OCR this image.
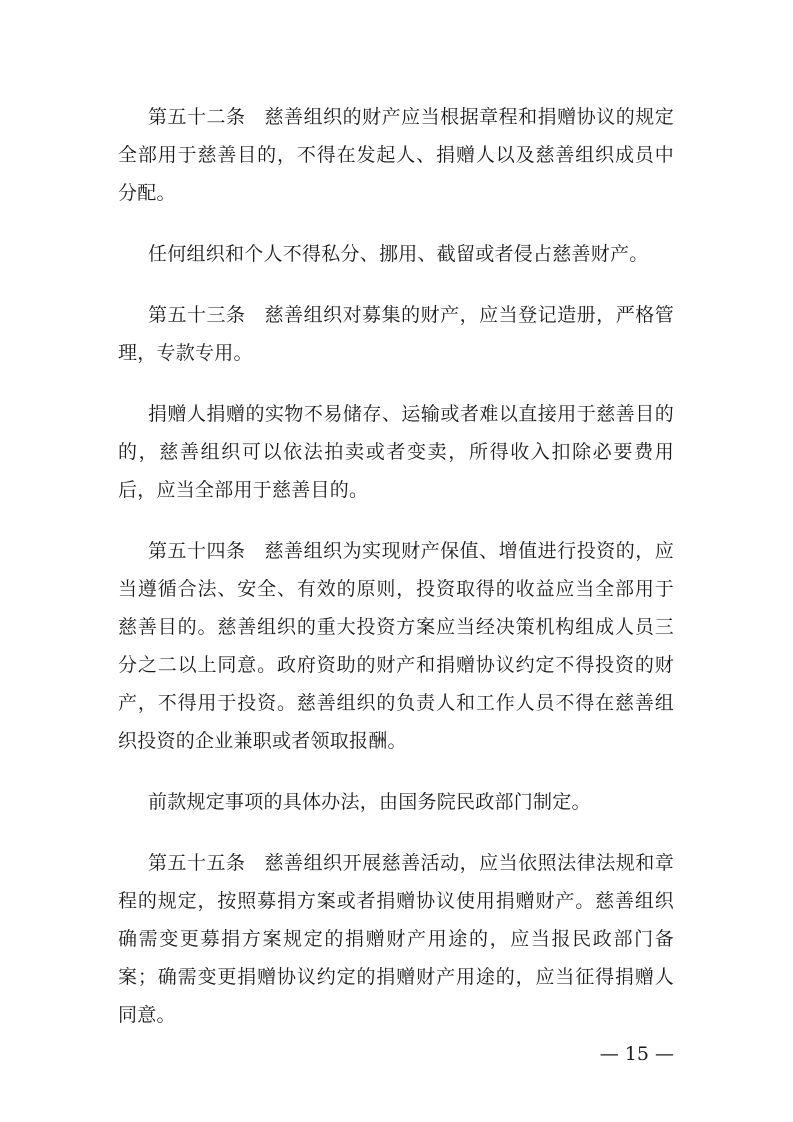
第五十二条 慈善组织的财产应当根据章程和捐赠协议的规定全部用于慈善目的，不得在发起人、捐赠人以及慈善组织成员中分配。

任何组织和个人不得私分、挪用、截留或者侵占慈善财产。

第五十三条 慈善组织对募集的财产，应当登记造册，严格管理，专款专用。

捐赠人捐赠的实物不易储存、运输或者难以直接用于慈善目的的，慈善组织可以依法拍卖或者变卖，所得收入扣除必要费用后，应当全部用于慈善目的。

第五十四条 慈善组织为实现财产保值、增值进行投资的，应当遵循合法、安全、有效的原则，投资取得的收益应当全部用于慈善目的。慈善组织的重大投资方案应当经决策机构组成人员三分之二以上同意。政府资助的财产和捐赠协议约定不得投资的财产，不得用于投资。慈善组织的负责人和工作人员不得在慈善组织投资的企业兼职或者领取报酬。

前款规定事项的具体办法，由国务院民政部门制定。

第五十五条 慈善组织开展慈善活动，应当依照法律法规和章程的规定，按照募捐方案或者捐赠协议使用捐赠财产。慈善组织确需变更募捐方案规定的捐赠财产用途的，应当报民政部门备案；确需变更捐赠协议约定的捐赠财产用途的，应当征得捐赠人同意。

— 15 —
